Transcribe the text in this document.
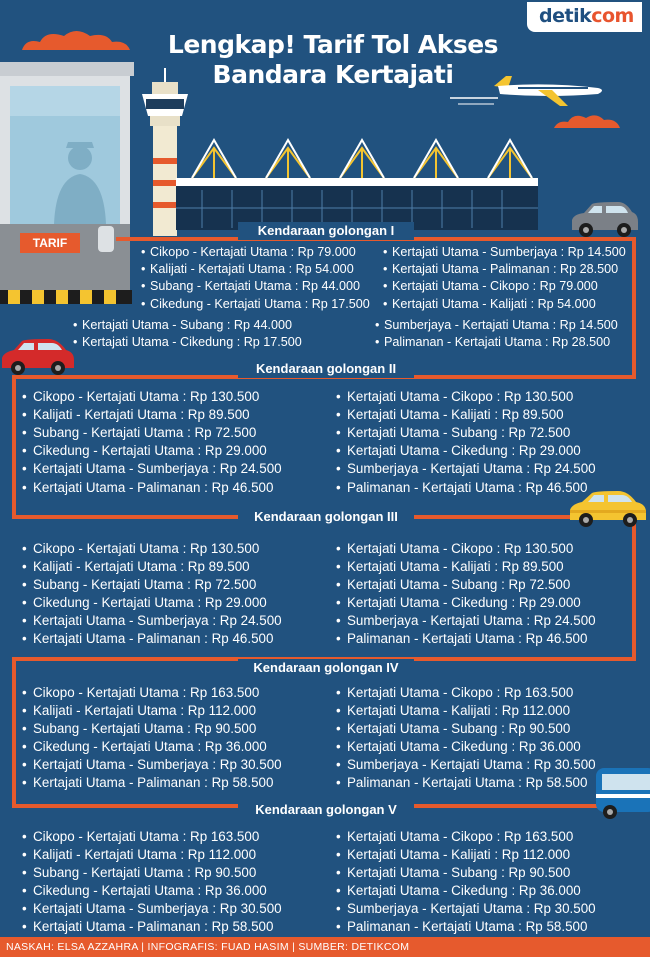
detikcom
Lengkap! Tarif Tol Akses
Bandara Kertajati
TARIF
Kendaraan golongan I
Kendaraan golongan II
Kendaraan golongan III
Kendaraan golongan IV
Kendaraan golongan V
• Cikopo - Kertajati Utama : Rp 79.000
• Kalijati - Kertajati Utama : Rp 54.000
• Subang - Kertajati Utama : Rp 44.000
• Cikedung - Kertajati Utama : Rp 17.500
• Kertajati Utama - Subang : Rp 44.000
• Kertajati Utama - Cikedung : Rp 17.500
• Kertajati Utama - Sumberjaya : Rp 14.500
• Kertajati Utama - Palimanan : Rp 28.500
• Kertajati Utama - Cikopo : Rp 79.000
• Kertajati Utama - Kalijati : Rp 54.000
• Sumberjaya - Kertajati Utama : Rp 14.500
• Palimanan - Kertajati Utama : Rp 28.500
• Cikopo - Kertajati Utama : Rp 130.500
• Kalijati - Kertajati Utama : Rp 89.500
• Subang - Kertajati Utama : Rp 72.500
• Cikedung - Kertajati Utama : Rp 29.000
• Kertajati Utama - Sumberjaya : Rp 24.500
• Kertajati Utama - Palimanan : Rp 46.500
• Kertajati Utama - Cikopo : Rp 130.500
• Kertajati Utama - Kalijati : Rp 89.500
• Kertajati Utama - Subang : Rp 72.500
• Kertajati Utama - Cikedung : Rp 29.000
• Sumberjaya - Kertajati Utama : Rp 24.500
• Palimanan - Kertajati Utama : Rp 46.500
• Cikopo - Kertajati Utama : Rp 130.500
• Kalijati - Kertajati Utama : Rp 89.500
• Subang - Kertajati Utama : Rp 72.500
• Cikedung - Kertajati Utama : Rp 29.000
• Kertajati Utama - Sumberjaya : Rp 24.500
• Kertajati Utama - Palimanan : Rp 46.500
• Kertajati Utama - Cikopo : Rp 130.500
• Kertajati Utama - Kalijati : Rp 89.500
• Kertajati Utama - Subang : Rp 72.500
• Kertajati Utama - Cikedung : Rp 29.000
• Sumberjaya - Kertajati Utama : Rp 24.500
• Palimanan - Kertajati Utama : Rp 46.500
• Cikopo - Kertajati Utama : Rp 163.500
• Kalijati - Kertajati Utama : Rp 112.000
• Subang - Kertajati Utama : Rp 90.500
• Cikedung - Kertajati Utama : Rp 36.000
• Kertajati Utama - Sumberjaya : Rp 30.500
• Kertajati Utama - Palimanan : Rp 58.500
• Kertajati Utama - Cikopo : Rp 163.500
• Kertajati Utama - Kalijati : Rp 112.000
• Kertajati Utama - Subang : Rp 90.500
• Kertajati Utama - Cikedung : Rp 36.000
• Sumberjaya - Kertajati Utama : Rp 30.500
• Palimanan - Kertajati Utama : Rp 58.500
• Cikopo - Kertajati Utama : Rp 163.500
• Kalijati - Kertajati Utama : Rp 112.000
• Subang - Kertajati Utama : Rp 90.500
• Cikedung - Kertajati Utama : Rp 36.000
• Kertajati Utama - Sumberjaya : Rp 30.500
• Kertajati Utama - Palimanan : Rp 58.500
• Kertajati Utama - Cikopo : Rp 163.500
• Kertajati Utama - Kalijati : Rp 112.000
• Kertajati Utama - Subang : Rp 90.500
• Kertajati Utama - Cikedung : Rp 36.000
• Sumberjaya - Kertajati Utama : Rp 30.500
• Palimanan - Kertajati Utama : Rp 58.500
NASKAH: ELSA AZZAHRA | INFOGRAFIS: FUAD HASIM | SUMBER: DETIKCOM
